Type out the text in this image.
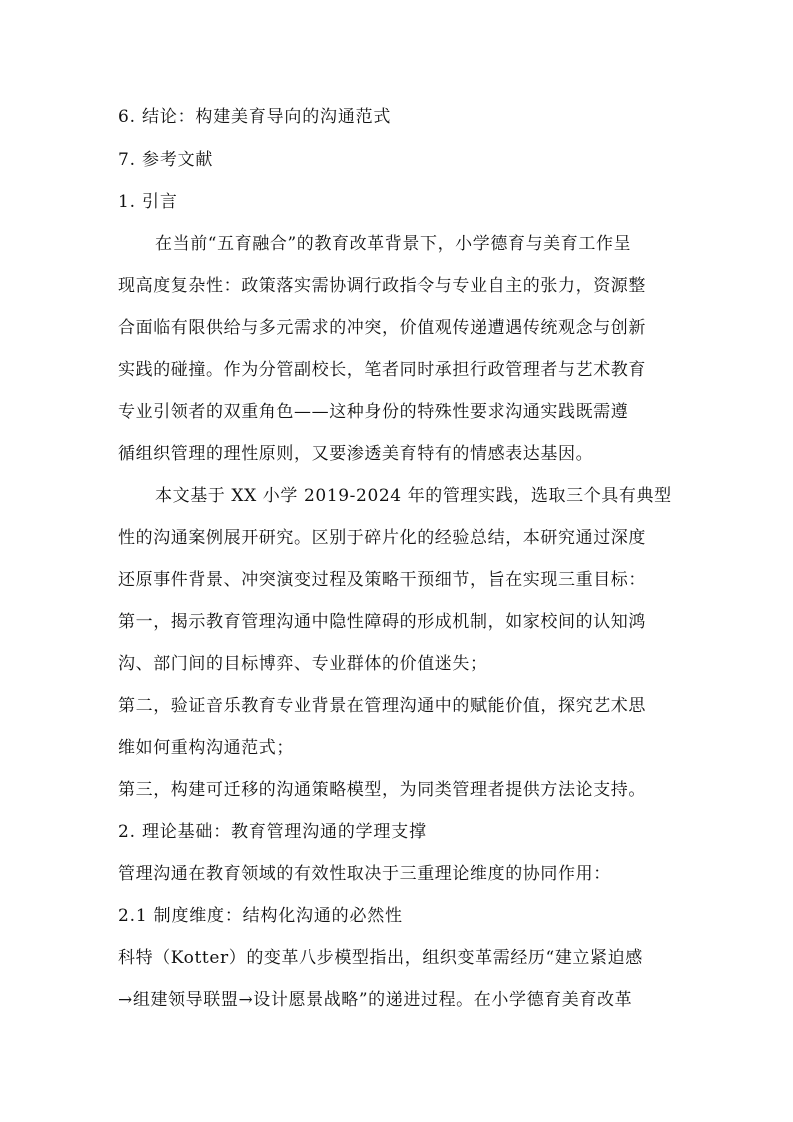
6. 结论：构建美育导向的沟通范式
7. 参考文献
1. 引言
在当前“五育融合”的教育改革背景下，小学德育与美育工作呈
现高度复杂性：政策落实需协调行政指令与专业自主的张力，资源整
合面临有限供给与多元需求的冲突，价值观传递遭遇传统观念与创新
实践的碰撞。作为分管副校长，笔者同时承担行政管理者与艺术教育
专业引领者的双重角色——这种身份的特殊性要求沟通实践既需遵
循组织管理的理性原则，又要渗透美育特有的情感表达基因。
本文基于 XX 小学 2019-2024 年的管理实践，选取三个具有典型
性的沟通案例展开研究。区别于碎片化的经验总结，本研究通过深度
还原事件背景、冲突演变过程及策略干预细节，旨在实现三重目标：
第一，揭示教育管理沟通中隐性障碍的形成机制，如家校间的认知鸿
沟、部门间的目标博弈、专业群体的价值迷失；
第二，验证音乐教育专业背景在管理沟通中的赋能价值，探究艺术思
维如何重构沟通范式；
第三，构建可迁移的沟通策略模型，为同类管理者提供方法论支持。
2. 理论基础：教育管理沟通的学理支撑
管理沟通在教育领域的有效性取决于三重理论维度的协同作用：
2.1 制度维度：结构化沟通的必然性
科特（Kotter）的变革八步模型指出，组织变革需经历“建立紧迫感
→组建领导联盟→设计愿景战略”的递进过程。在小学德育美育改革
